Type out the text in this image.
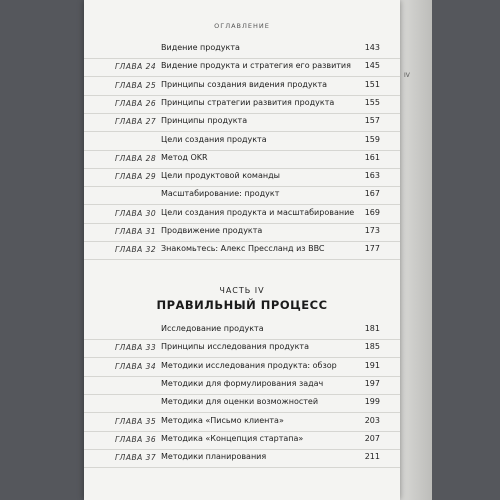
IV
ОГЛАВЛЕНИЕ
Видение продукта	143
ГЛАВА 24 Видение продукта и стратегия его развития 145
ГЛАВА 25 Принципы создания видения продукта	151
ГЛАВА 26 Принципы стратегии развития продукта	155
ГЛАВА 27 Принципы продукта	157
Цели создания продукта	159
ГЛАВА 28 Метод OKR	161
ГЛАВА 29 Цели продуктовой команды	163
Масштабирование: продукт	167
ГЛАВА 30 Цели создания продукта и масштабирование 169
ГЛАВА 31 Продвижение продукта	173
ГЛАВА 32 Знакомьтесь: Алекс Прессланд из BBC	177
ЧАСТЬ IV
ПРАВИЛЬНЫЙ ПРОЦЕСС
Исследование продукта	181
ГЛАВА 33 Принципы исследования продукта	185
ГЛАВА 34 Методики исследования продукта: обзор	191
Методики для формулирования задач	197
Методики для оценки возможностей	199
ГЛАВА 35 Методика «Письмо клиента»	203
ГЛАВА 36 Методика «Концепция стартапа»	207
ГЛАВА 37 Методики планирования	211
